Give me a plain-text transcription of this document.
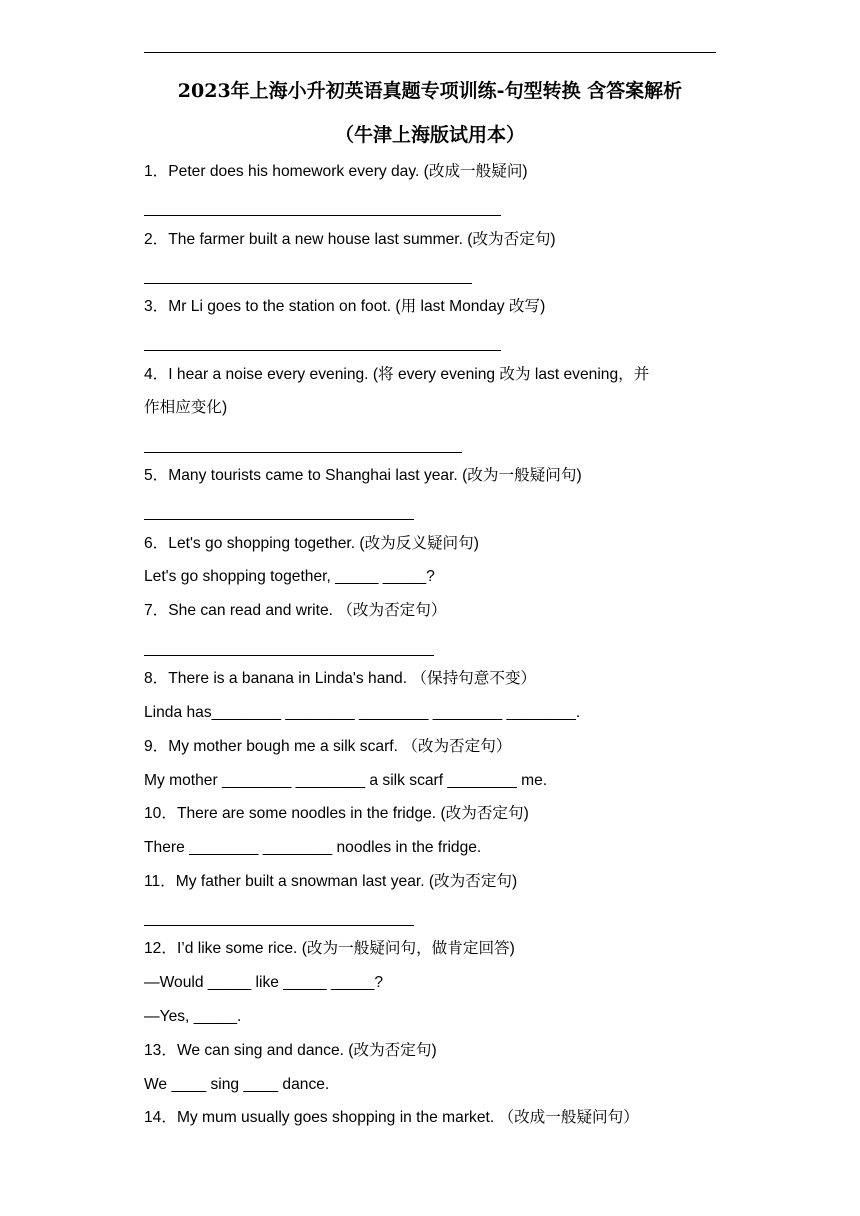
2023年上海小升初英语真题专项训练-句型转换 含答案解析
（牛津上海版试用本）
1．Peter does his homework every day. (改成一般疑问)
2．The farmer built a new house last summer. (改为否定句)
3．Mr Li goes to the station on foot. (用 last Monday 改写)
4．I hear a noise every evening. (将 every evening 改为 last evening，并
作相应变化)
5．Many tourists came to Shanghai last year. (改为一般疑问句)
6．Let's go shopping together. (改为反义疑问句)
Let's go shopping together, _____ _____?
7．She can read and write. （改为否定句）
8．There is a banana in Linda's hand. （保持句意不变）
Linda has________ ________ ________ ________ ________.
9．My mother bough me a silk scarf. （改为否定句）
My mother ________ ________ a silk scarf ________ me.
10．There are some noodles in the fridge. (改为否定句)
There ________ ________ noodles in the fridge.
11．My father built a snowman last year. (改为否定句)
12．I’d like some rice. (改为一般疑问句，做肯定回答)
—Would _____ like _____ _____?
—Yes, _____.
13．We can sing and dance. (改为否定句)
We ____ sing ____ dance.
14．My mum usually goes shopping in the market. （改成一般疑问句）
